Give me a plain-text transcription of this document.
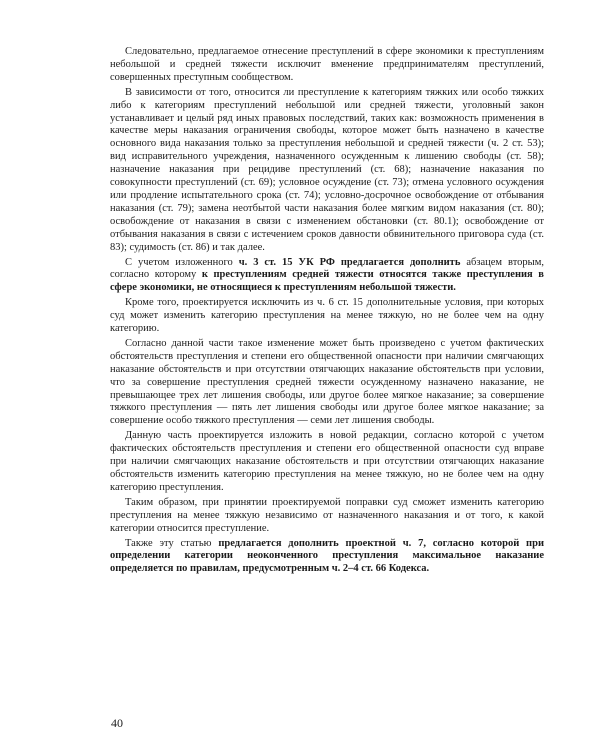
Следовательно, предлагаемое отнесение преступлений в сфере экономики к преступлениям небольшой и средней тяжести исключит вменение предпринимателям преступлений, совершенных преступным сообществом.

В зависимости от того, относится ли преступление к категориям тяжких или особо тяжких либо к категориям преступлений небольшой или средней тяжести, уголовный закон устанавливает и целый ряд иных правовых последствий, таких как: возможность применения в качестве меры наказания ограничения свободы, которое может быть назначено в качестве основного вида наказания только за преступления небольшой и средней тяжести (ч. 2 ст. 53); вид исправительного учреждения, назначенного осужденным к лишению свободы (ст. 58); назначение наказания при рецидиве преступлений (ст. 68); назначение наказания по совокупности преступлений (ст. 69); условное осуждение (ст. 73); отмена условного осуждения или продление испытательного срока (ст. 74); условно-досрочное освобождение от отбывания наказания (ст. 79); замена неотбытой части наказания более мягким видом наказания (ст. 80); освобождение от наказания в связи с изменением обстановки (ст. 80.1); освобождение от отбывания наказания в связи с истечением сроков давности обвинительного приговора суда (ст. 83); судимость (ст. 86) и так далее.

С учетом изложенного ч. 3 ст. 15 УК РФ предлагается дополнить абзацем вторым, согласно которому к преступлениям средней тяжести относятся также преступления в сфере экономики, не относящиеся к преступлениям небольшой тяжести.

Кроме того, проектируется исключить из ч. 6 ст. 15 дополнительные условия, при которых суд может изменить категорию преступления на менее тяжкую, но не более чем на одну категорию.

Согласно данной части такое изменение может быть произведено с учетом фактических обстоятельств преступления и степени его общественной опасности при наличии смягчающих наказание обстоятельств и при отсутствии отягчающих наказание обстоятельств при условии, что за совершение преступления средней тяжести осужденному назначено наказание, не превышающее трех лет лишения свободы, или другое более мягкое наказание; за совершение тяжкого преступления — пять лет лишения свободы или другое более мягкое наказание; за совершение особо тяжкого преступления — семи лет лишения свободы.

Данную часть проектируется изложить в новой редакции, согласно которой с учетом фактических обстоятельств преступления и степени его общественной опасности суд вправе при наличии смягчающих наказание обстоятельств и при отсутствии отягчающих наказание обстоятельств изменить категорию преступления на менее тяжкую, но не более чем на одну категорию преступления.

Таким образом, при принятии проектируемой поправки суд сможет изменить категорию преступления на менее тяжкую независимо от назначенного наказания и от того, к какой категории относится преступление.

Также эту статью предлагается дополнить проектной ч. 7, согласно которой при определении категории неоконченного преступления максимальное наказание определяется по правилам, предусмотренным ч. 2–4 ст. 66 Кодекса.

40
